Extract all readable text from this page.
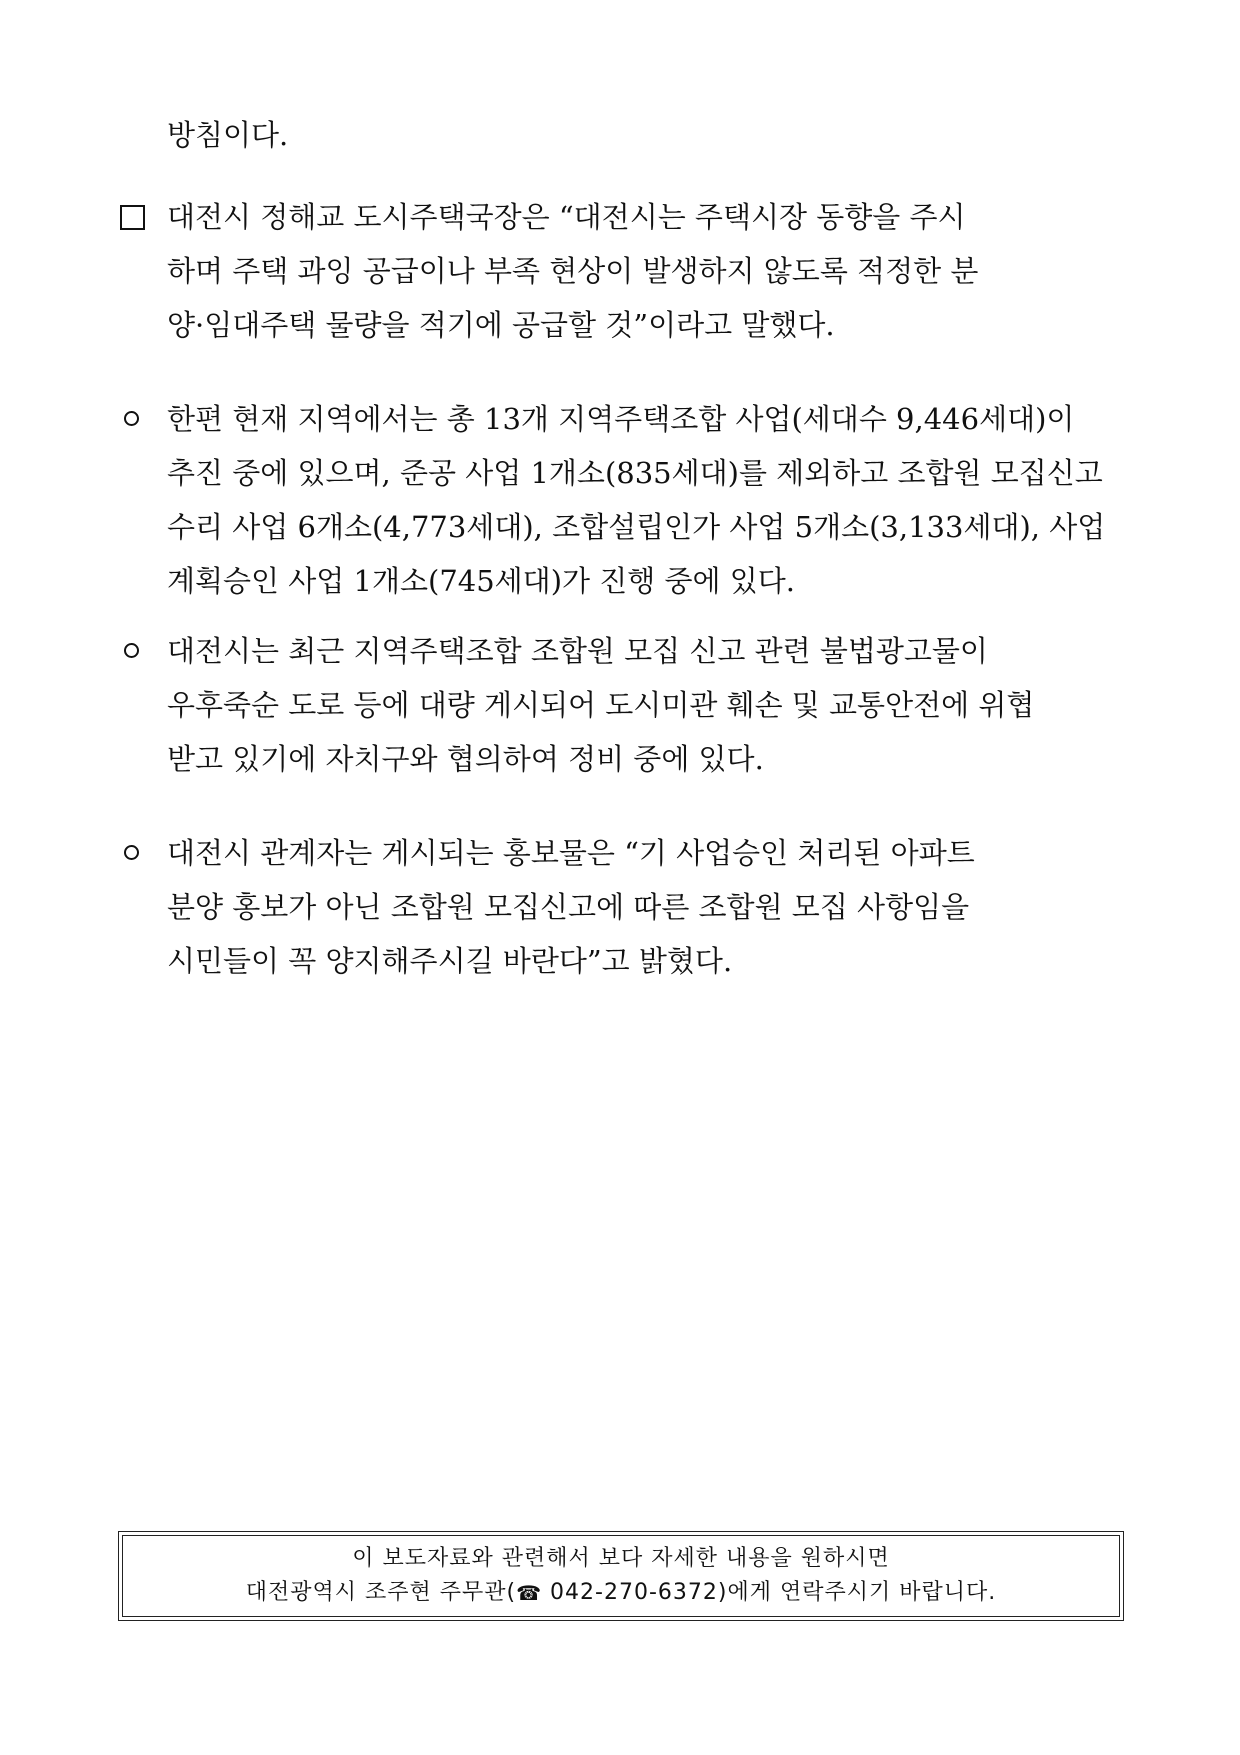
방침이다.

대전시 정해교 도시주택국장은 “대전시는 주택시장 동향을 주시
하며 주택 과잉 공급이나 부족 현상이 발생하지 않도록 적정한 분
양·임대주택 물량을 적기에 공급할 것”이라고 말했다.

한편 현재 지역에서는 총 13개 지역주택조합 사업(세대수 9,446세대)이
추진 중에 있으며, 준공 사업 1개소(835세대)를 제외하고 조합원 모집신고
수리 사업 6개소(4,773세대), 조합설립인가 사업 5개소(3,133세대), 사업
계획승인 사업 1개소(745세대)가 진행 중에 있다.

대전시는 최근 지역주택조합 조합원 모집 신고 관련 불법광고물이
우후죽순 도로 등에 대량 게시되어 도시미관 훼손 및 교통안전에 위협
받고 있기에 자치구와 협의하여 정비 중에 있다.

대전시 관계자는 게시되는 홍보물은 “기 사업승인 처리된 아파트
분양 홍보가 아닌 조합원 모집신고에 따른 조합원 모집 사항임을
시민들이 꼭 양지해주시길 바란다”고 밝혔다.

이 보도자료와 관련해서 보다 자세한 내용을 원하시면
대전광역시 조주현 주무관(☎ 042-270-6372)에게 연락주시기 바랍니다.
